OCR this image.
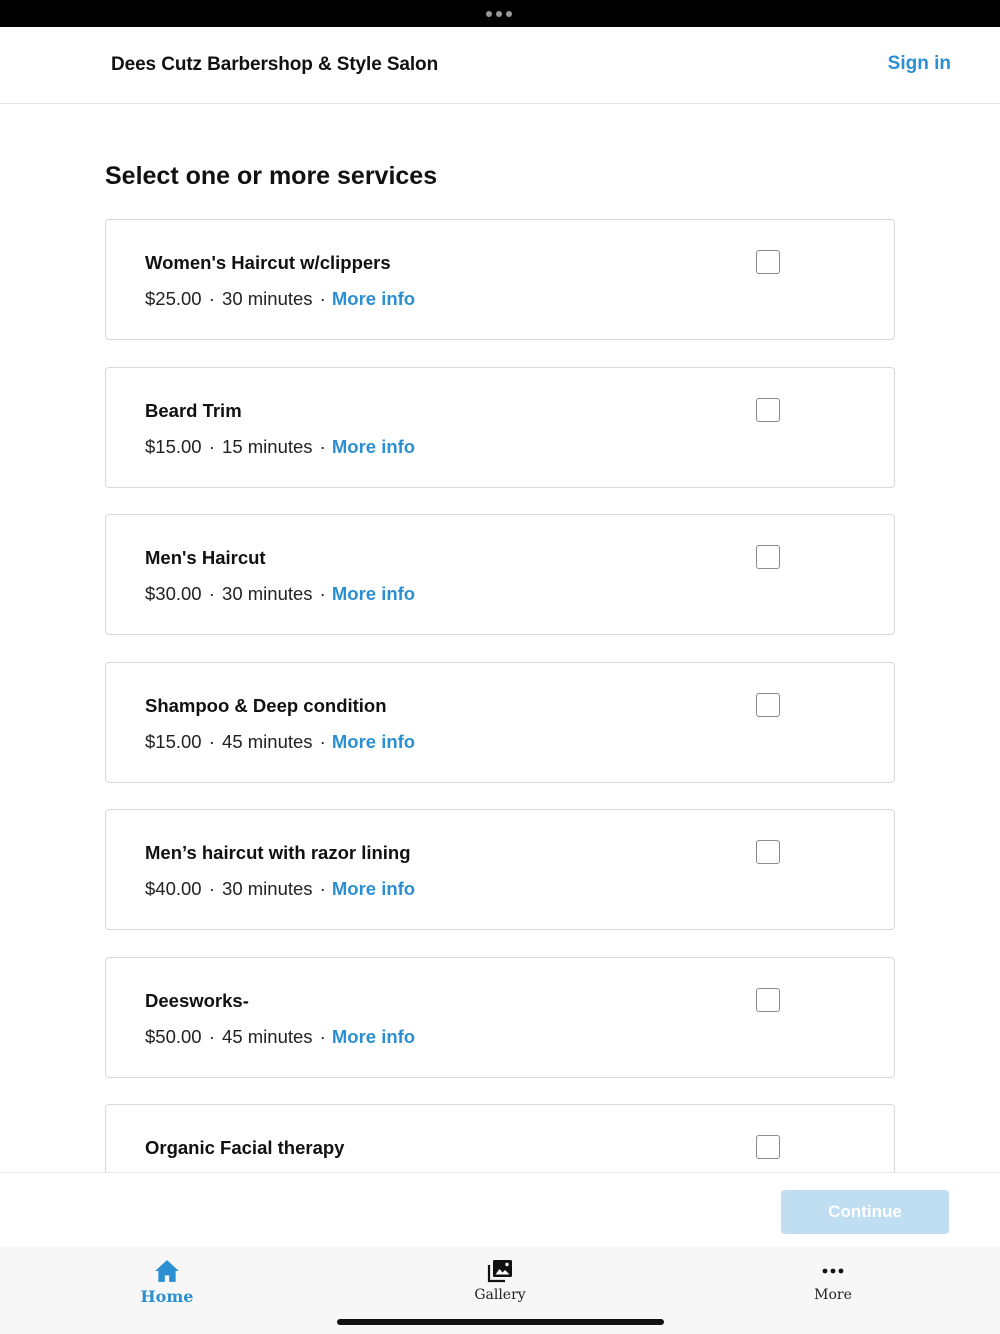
Dees Cutz Barbershop & Style Salon	Sign in
Select one or more services
Women's Haircut w/clippers
$25.00 · 30 minutes · More info
Beard Trim
$15.00 · 15 minutes · More info
Men's Haircut
$30.00 · 30 minutes · More info
Shampoo & Deep condition
$15.00 · 45 minutes · More info
Men’s haircut with razor lining
$40.00 · 30 minutes · More info
Deesworks-
$50.00 · 45 minutes · More info
Organic Facial therapy
Continue
Home	Gallery	More
